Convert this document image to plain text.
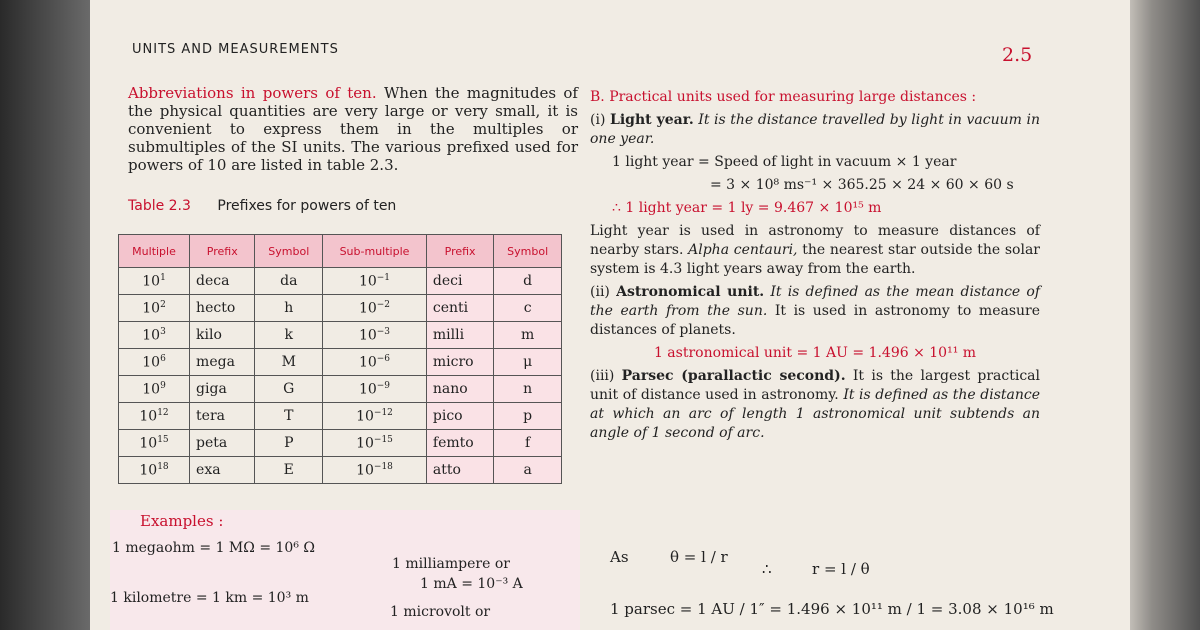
UNITS AND MEASUREMENTS	2.5
Abbreviations in powers of ten. When the magnitudes of the physical quantities are very large or very small, it is convenient to express them in the multiples or submultiples of the SI units. The various prefixed used for powers of 10 are listed in table 2.3.
Table 2.3 Prefixes for powers of ten
Multiple	Prefix	Symbol	Sub-multiple	Prefix	Symbol
$10^1$	deca	da	$10^{-1}$	deci	d
$10^2$	hecto	h	$10^{-2}$	centi	c
$10^3$	kilo	k	$10^{-3}$	milli	m
$10^6$	mega	M	$10^{-6}$	micro	μ
$10^9$	giga	G	$10^{-9}$	nano	n
$10^{12}$	tera	T	$10^{-12}$	pico	p
$10^{15}$	peta	P	$10^{-15}$	femto	f
$10^{18}$	exa	E	$10^{-18}$	atto	a
Examples :
1 megaohm = 1 MΩ = 10⁶ Ω
1 milliampere or
1 mA = 10⁻³ A
1 kilometre = 1 km = 10³ m
1 microvolt or

B. Practical units used for measuring large distances :

(i) Light year. It is the distance travelled by light in vacuum in one year.

1 light year = Speed of light in vacuum × 1 year

= 3 × 10⁸ ms⁻¹ × 365.25 × 24 × 60 × 60 s

∴ 1 light year = 1 ly = 9.467 × 10¹⁵ m

Light year is used in astronomy to measure distances of nearby stars. Alpha centauri, the nearest star outside the solar system is 4.3 light years away from the earth.

(ii) Astronomical unit. It is defined as the mean distance of the earth from the sun. It is used in astronomy to measure distances of planets.

1 astronomical unit = 1 AU = 1.496 × 10¹¹ m

(iii) Parsec (parallactic second). It is the largest practical unit of distance used in astronomy. It is defined as the distance at which an arc of length 1 astronomical unit subtends an angle of 1 second of arc.

As	θ = l / r
∴	r = l / θ
1 parsec = 1 AU / 1″ = 1.496 × 10¹¹ m / 1 = 3.08 × 10¹⁶ m
